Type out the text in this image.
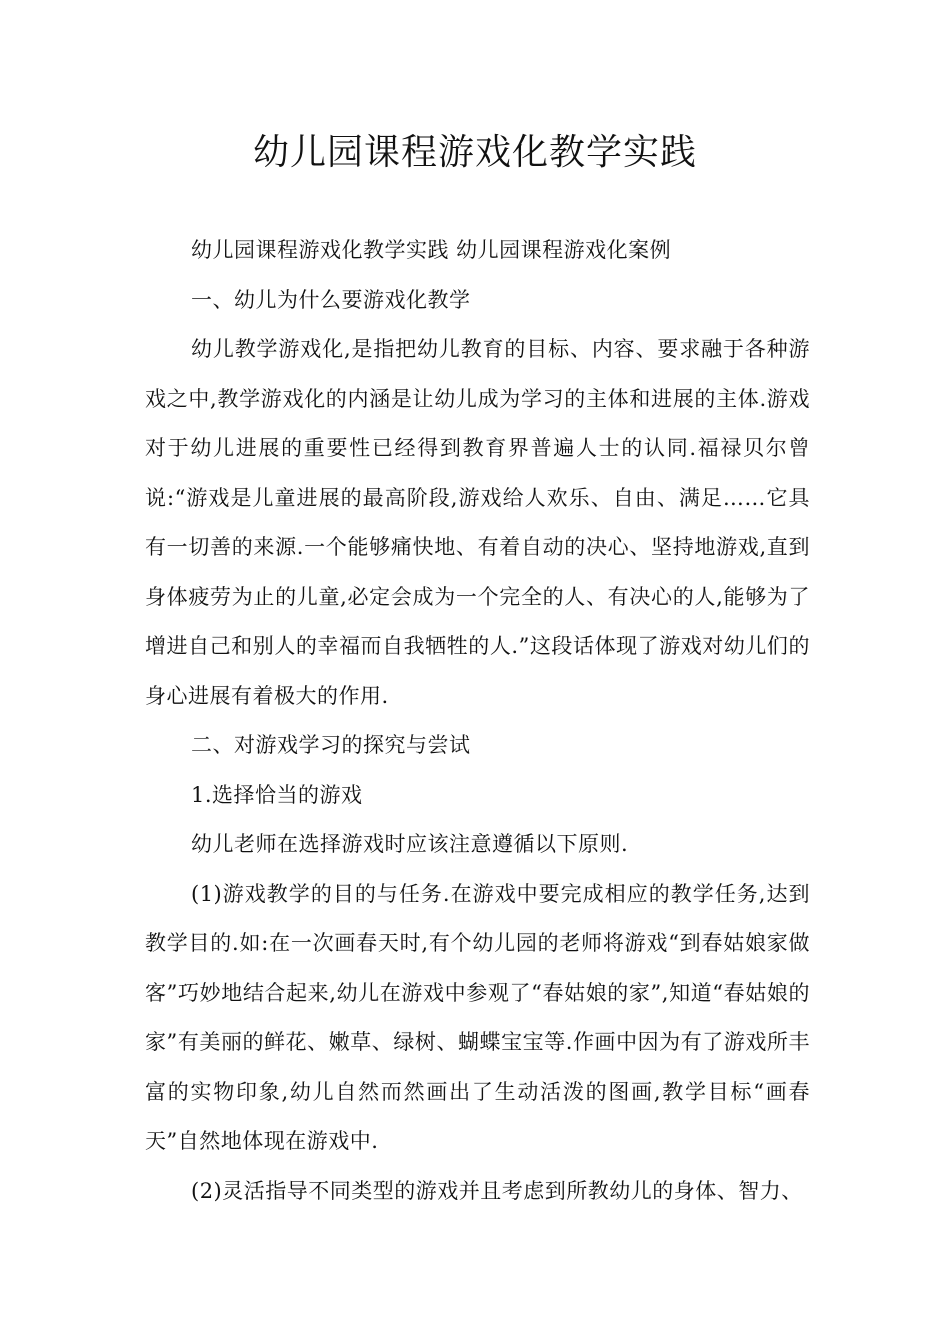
幼儿园课程游戏化教学实践

幼儿园课程游戏化教学实践 幼儿园课程游戏化案例

一、幼儿为什么要游戏化教学

幼儿教学游戏化,是指把幼儿教育的目标、内容、要求融于各种游戏之中,教学游戏化的内涵是让幼儿成为学习的主体和进展的主体.游戏对于幼儿进展的重要性已经得到教育界普遍人士的认同.福禄贝尔曾说:“游戏是儿童进展的最高阶段,游戏给人欢乐、自由、满足……它具有一切善的来源.一个能够痛快地、有着自动的决心、坚持地游戏,直到身体疲劳为止的儿童,必定会成为一个完全的人、有决心的人,能够为了增进自己和别人的幸福而自我牺牲的人.”这段话体现了游戏对幼儿们的身心进展有着极大的作用.

二、对游戏学习的探究与尝试

1.选择恰当的游戏

幼儿老师在选择游戏时应该注意遵循以下原则.

(1)游戏教学的目的与任务.在游戏中要完成相应的教学任务,达到教学目的.如:在一次画春天时,有个幼儿园的老师将游戏“到春姑娘家做客”巧妙地结合起来,幼儿在游戏中参观了“春姑娘的家”,知道“春姑娘的家”有美丽的鲜花、嫩草、绿树、蝴蝶宝宝等.作画中因为有了游戏所丰富的实物印象,幼儿自然而然画出了生动活泼的图画,教学目标“画春天”自然地体现在游戏中.

(2)灵活指导不同类型的游戏并且考虑到所教幼儿的身体、智力、
